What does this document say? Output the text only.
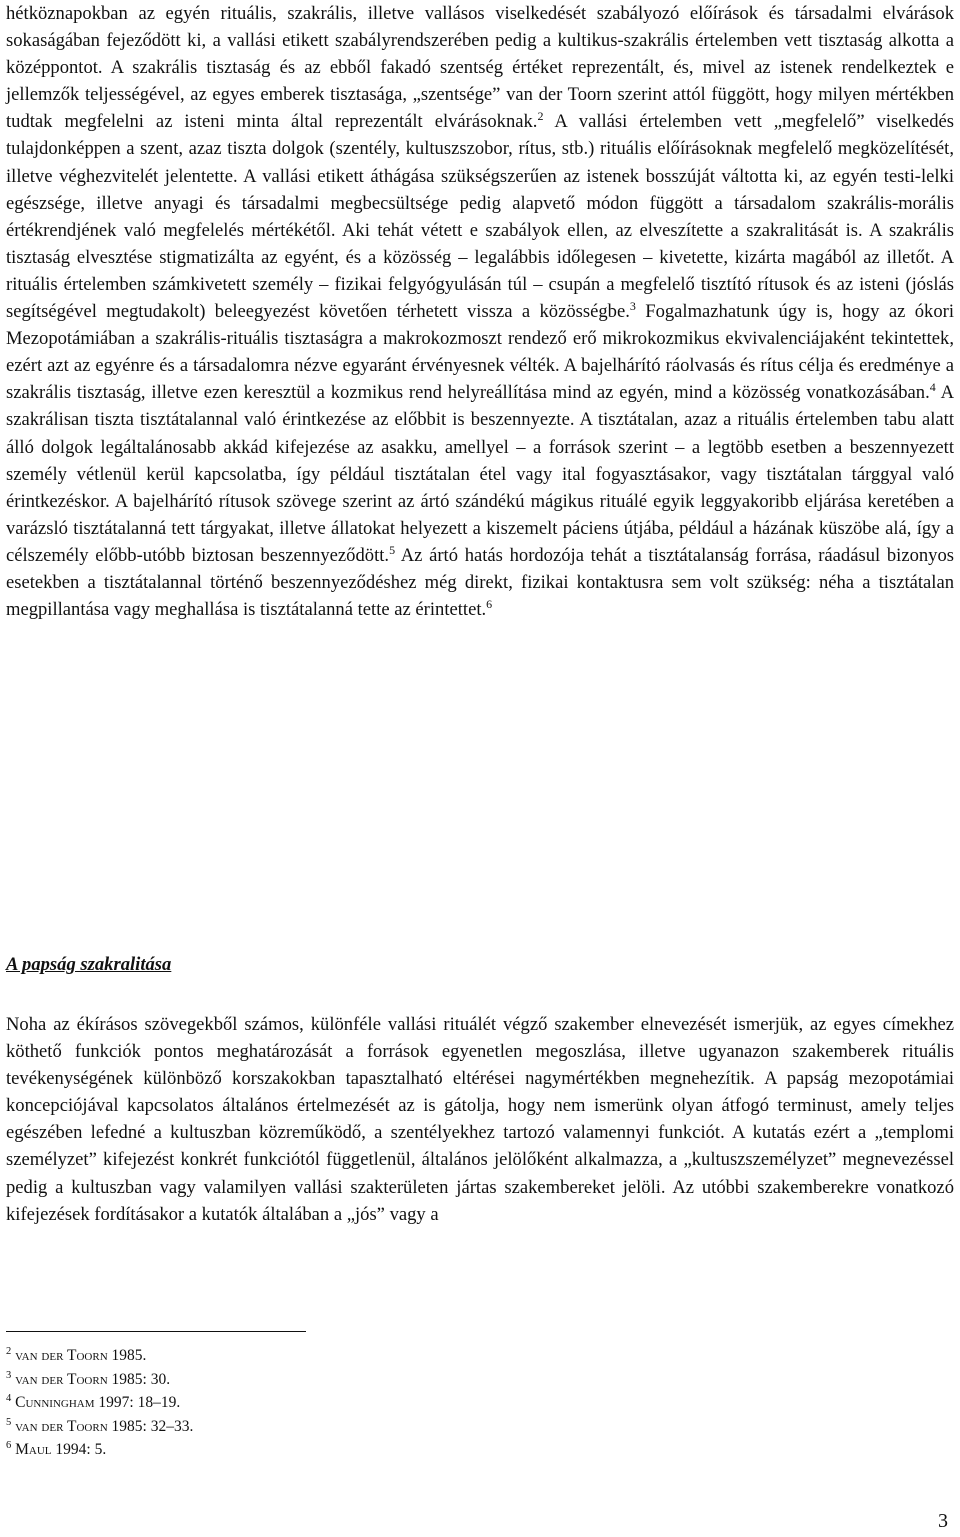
hétköznapokban az egyén rituális, szakrális, illetve vallásos viselkedését szabályozó előírások és társadalmi elvárások sokaságában fejeződött ki, a vallási etikett szabályrendszerében pedig a kultikus-szakrális értelemben vett tisztaság alkotta a középpontot. A szakrális tisztaság és az ebből fakadó szentség értéket reprezentált, és, mivel az istenek rendelkeztek e jellemzők teljességével, az egyes emberek tisztasága, „szentsége” van der Toorn szerint attól függött, hogy milyen mértékben tudtak megfelelni az isteni minta által reprezentált elvárásoknak.$^2$ A vallási értelemben vett „megfelelő” viselkedés tulajdonképpen a szent, azaz tiszta dolgok (szentély, kultuszszobor, rítus, stb.) rituális előírásoknak megfelelő megközelítését, illetve véghezvitelét jelentette. A vallási etikett áthágása szükségszerűen az istenek bosszúját váltotta ki, az egyén testi-lelki egészsége, illetve anyagi és társadalmi megbecsültsége pedig alapvető módon függött a társadalom szakrális-morális értékrendjének való megfelelés mértékétől. Aki tehát vétett e szabályok ellen, az elveszítette a szakralitását is. A szakrális tisztaság elvesztése stigmatizálta az egyént, és a közösség – legalábbis időlegesen – kivetette, kizárta magából az illetőt. A rituális értelemben számkivetett személy – fizikai felgyógyulásán túl – csupán a megfelelő tisztító rítusok és az isteni (jóslás segítségével megtudakolt) beleegyezést követően térhetett vissza a közösségbe.$^3$ Fogalmazhatunk úgy is, hogy az ókori Mezopotámiában a szakrális-rituális tisztaságra a makrokozmoszt rendező erő mikrokozmikus ekvivalenciájaként tekintettek, ezért azt az egyénre és a társadalomra nézve egyaránt érvényesnek vélték. A bajelhárító ráolvasás és rítus célja és eredménye a szakrális tisztaság, illetve ezen keresztül a kozmikus rend helyreállítása mind az egyén, mind a közösség vonatkozásában.$^4$ A szakrálisan tiszta tisztátalannal való érintkezése az előbbit is beszennyezte. A tisztátalan, azaz a rituális értelemben tabu alatt álló dolgok legáltalánosabb akkád kifejezése az asakku, amellyel – a források szerint – a legtöbb esetben a beszennyezett személy vétlenül kerül kapcsolatba, így például tisztátalan étel vagy ital fogyasztásakor, vagy tisztátalan tárggyal való érintkezéskor. A bajelhárító rítusok szövege szerint az ártó szándékú mágikus rituálé egyik leggyakoribb eljárása keretében a varázsló tisztátalanná tett tárgyakat, illetve állatokat helyezett a kiszemelt páciens útjába, például a házának küszöbe alá, így a célszemély előbb-utóbb biztosan beszennyeződött.$^5$ Az ártó hatás hordozója tehát a tisztátalanság forrása, ráadásul bizonyos esetekben a tisztátalannal történő beszennyeződéshez még direkt, fizikai kontaktusra sem volt szükség: néha a tisztátalan megpillantása vagy meghallása is tisztátalanná tette az érintettet.$^6$

A papság szakralitása

Noha az ékírásos szövegekből számos, különféle vallási rituálét végző szakember elnevezését ismerjük, az egyes címekhez köthető funkciók pontos meghatározását a források egyenetlen megoszlása, illetve ugyanazon szakemberek rituális tevékenységének különböző korszakokban tapasztalható eltérései nagymértékben megnehezítik. A papság mezopotámiai koncepciójával kapcsolatos általános értelmezését az is gátolja, hogy nem ismerünk olyan átfogó terminust, amely teljes egészében lefedné a kultuszban közreműködő, a szentélyekhez tartozó valamennyi funkciót. A kutatás ezért a „templomi személyzet” kifejezést konkrét funkciótól függetlenül, általános jelölőként alkalmazza, a „kultuszszemélyzet” megnevezéssel pedig a kultuszban vagy valamilyen vallási szakterületen jártas szakembereket jelöli. Az utóbbi szakemberekre vonatkozó kifejezések fordításakor a kutatók általában a „jós” vagy a

$^2$ van der Toorn 1985.
$^3$ van der Toorn 1985: 30.
$^4$ Cunningham 1997: 18–19.
$^5$ van der Toorn 1985: 32–33.
$^6$ Maul 1994: 5.

3
